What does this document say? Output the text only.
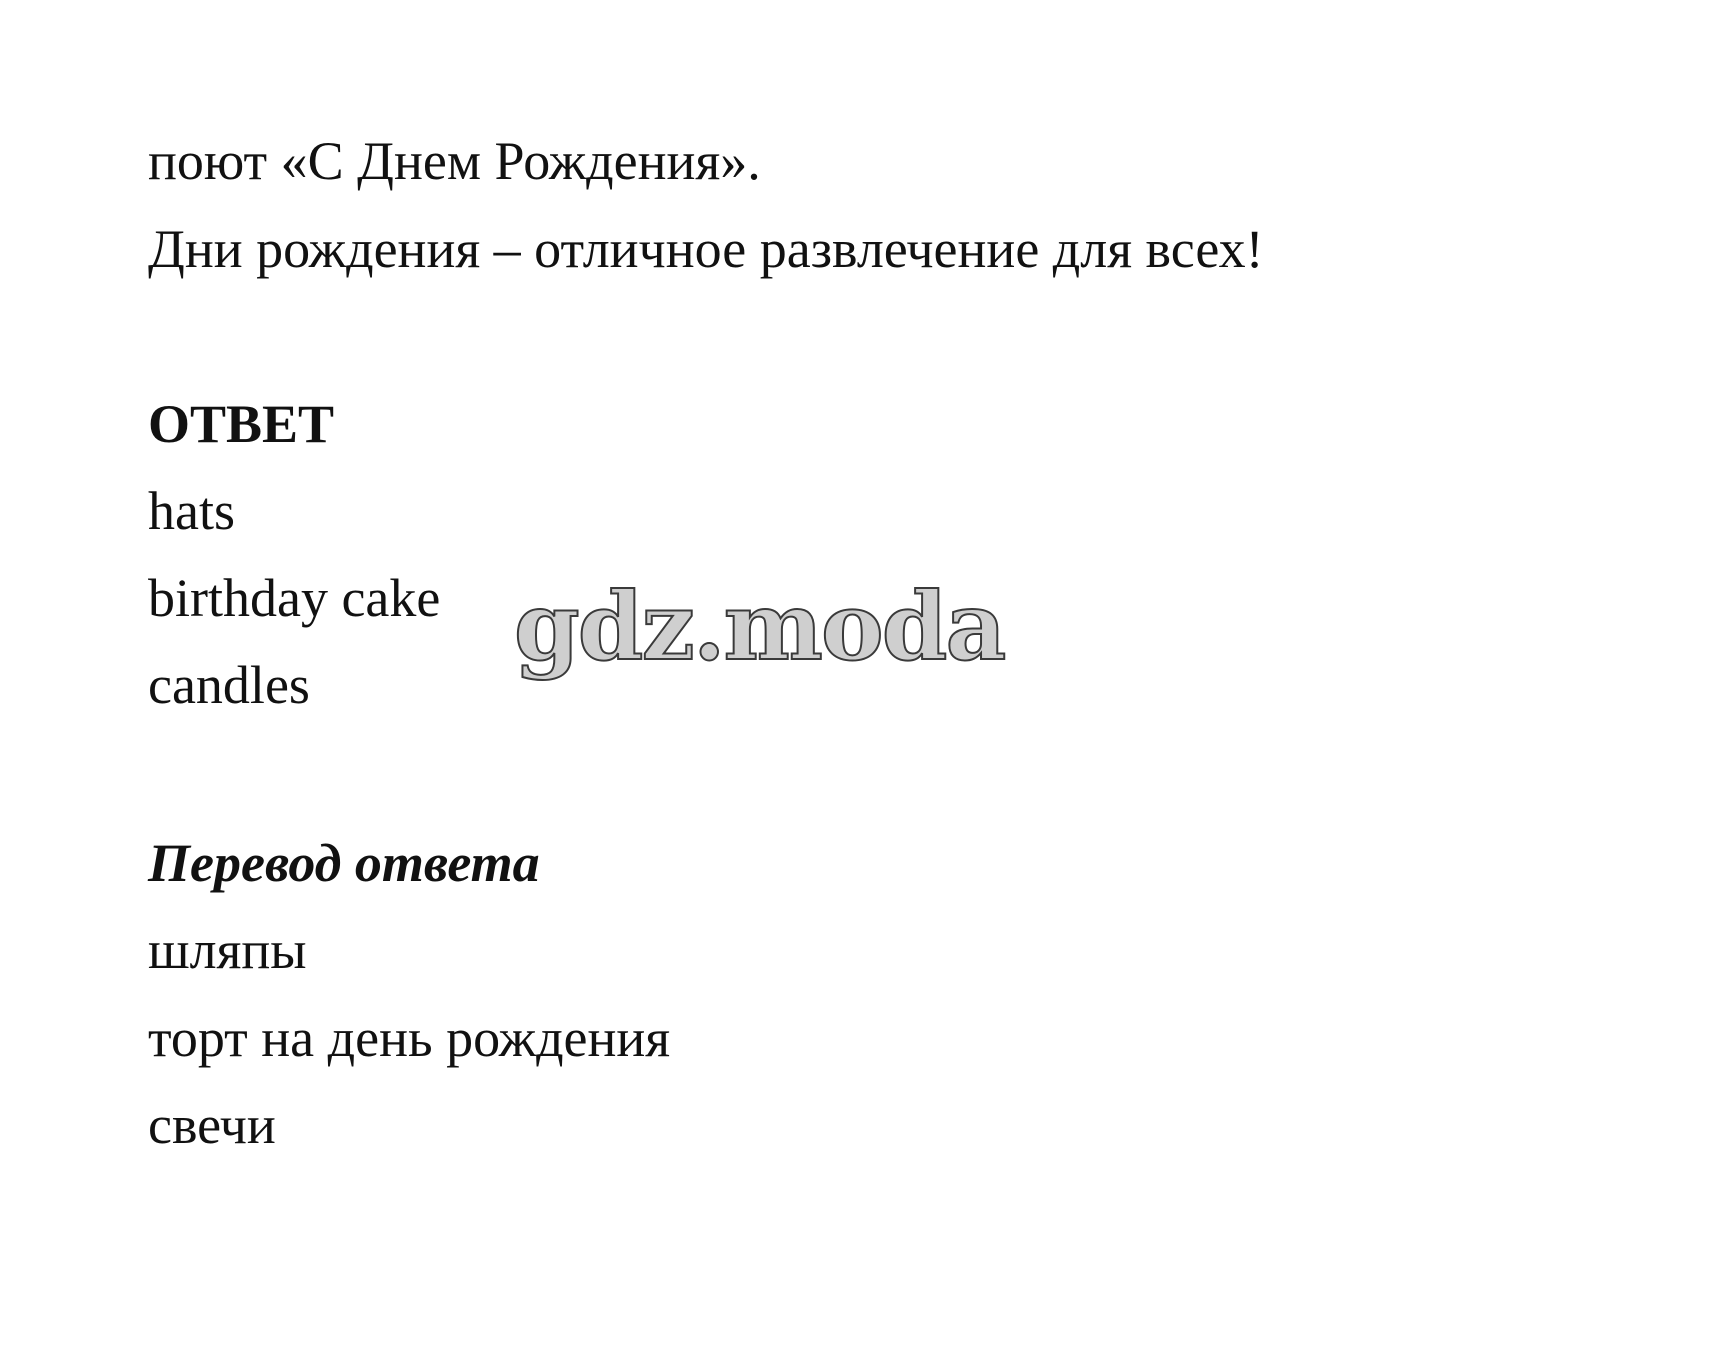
поют «С Днем Рождения».
Дни рождения – отличное развлечение для всех!
ОТВЕТ
hats
birthday cake
candles
Перевод ответа
шляпы
торт на день рождения
свечи
gdz.moda
